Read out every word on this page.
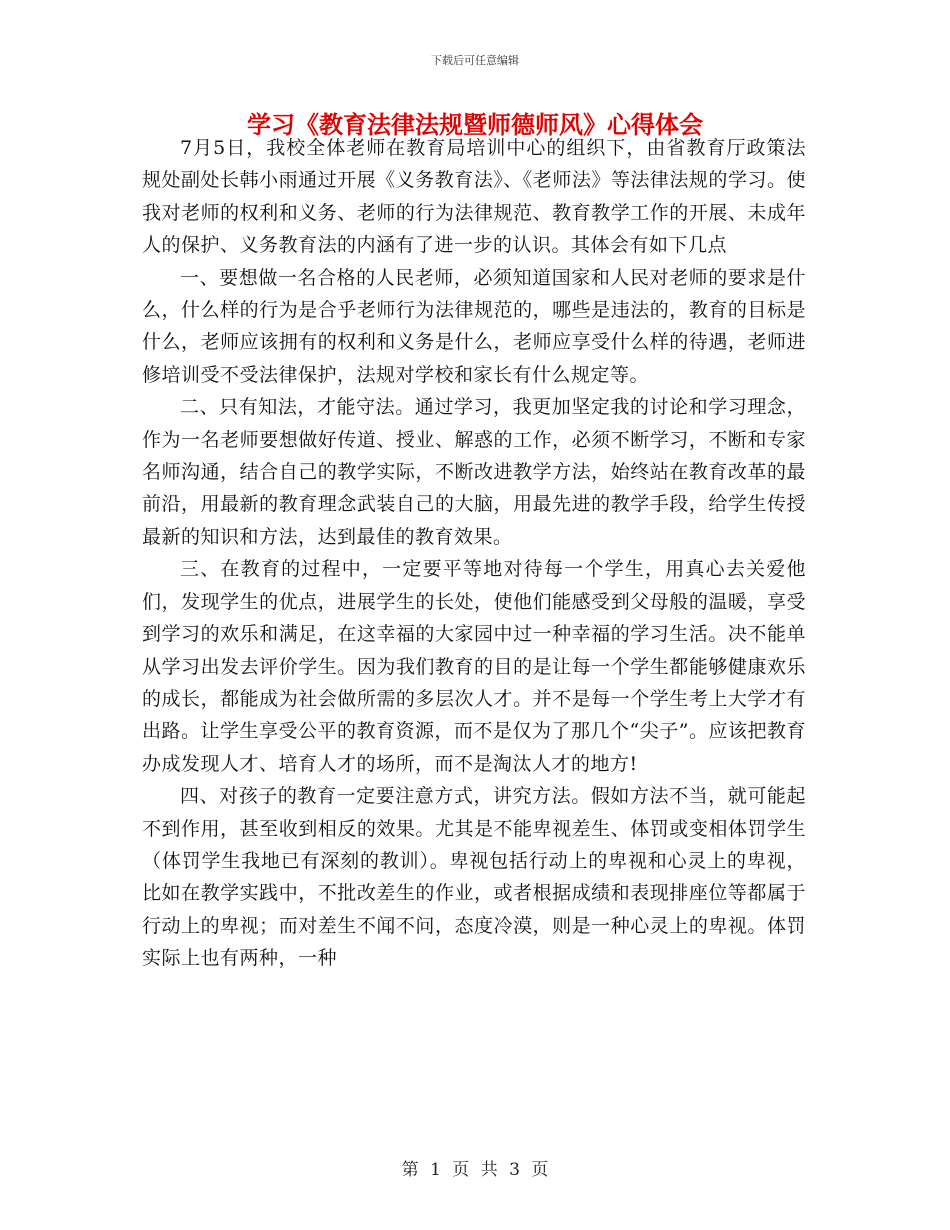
下载后可任意编辑
学习《教育法律法规暨师德师风》心得体会

7月5日，我校全体老师在教育局培训中心的组织下，由省教育厅政策法规处副处长韩小雨通过开展《义务教育法》、《老师法》等法律法规的学习。使我对老师的权利和义务、老师的行为法律规范、教育教学工作的开展、未成年人的保护、义务教育法的内涵有了进一步的认识。其体会有如下几点

一、要想做一名合格的人民老师，必须知道国家和人民对老师的要求是什么，什么样的行为是合乎老师行为法律规范的，哪些是违法的，教育的目标是什么，老师应该拥有的权利和义务是什么，老师应享受什么样的待遇，老师进修培训受不受法律保护，法规对学校和家长有什么规定等。

二、只有知法，才能守法。通过学习，我更加坚定我的讨论和学习理念，作为一名老师要想做好传道、授业、解惑的工作，必须不断学习，不断和专家名师沟通，结合自己的教学实际，不断改进教学方法，始终站在教育改革的最前沿，用最新的教育理念武装自己的大脑，用最先进的教学手段，给学生传授最新的知识和方法，达到最佳的教育效果。

三、在教育的过程中，一定要平等地对待每一个学生，用真心去关爱他们，发现学生的优点，进展学生的长处，使他们能感受到父母般的温暖，享受到学习的欢乐和满足，在这幸福的大家园中过一种幸福的学习生活。决不能单从学习出发去评价学生。因为我们教育的目的是让每一个学生都能够健康欢乐的成长，都能成为社会做所需的多层次人才。并不是每一个学生考上大学才有出路。让学生享受公平的教育资源，而不是仅为了那几个“尖子”。应该把教育办成发现人才、培育人才的场所，而不是淘汰人才的地方!

四、对孩子的教育一定要注意方式，讲究方法。假如方法不当，就可能起不到作用，甚至收到相反的效果。尤其是不能卑视差生、体罚或变相体罚学生（体罚学生我地已有深刻的教训）。卑视包括行动上的卑视和心灵上的卑视，比如在教学实践中，不批改差生的作业，或者根据成绩和表现排座位等都属于行动上的卑视；而对差生不闻不问，态度冷漠，则是一种心灵上的卑视。体罚实际上也有两种，一种

第 1 页 共 3 页
